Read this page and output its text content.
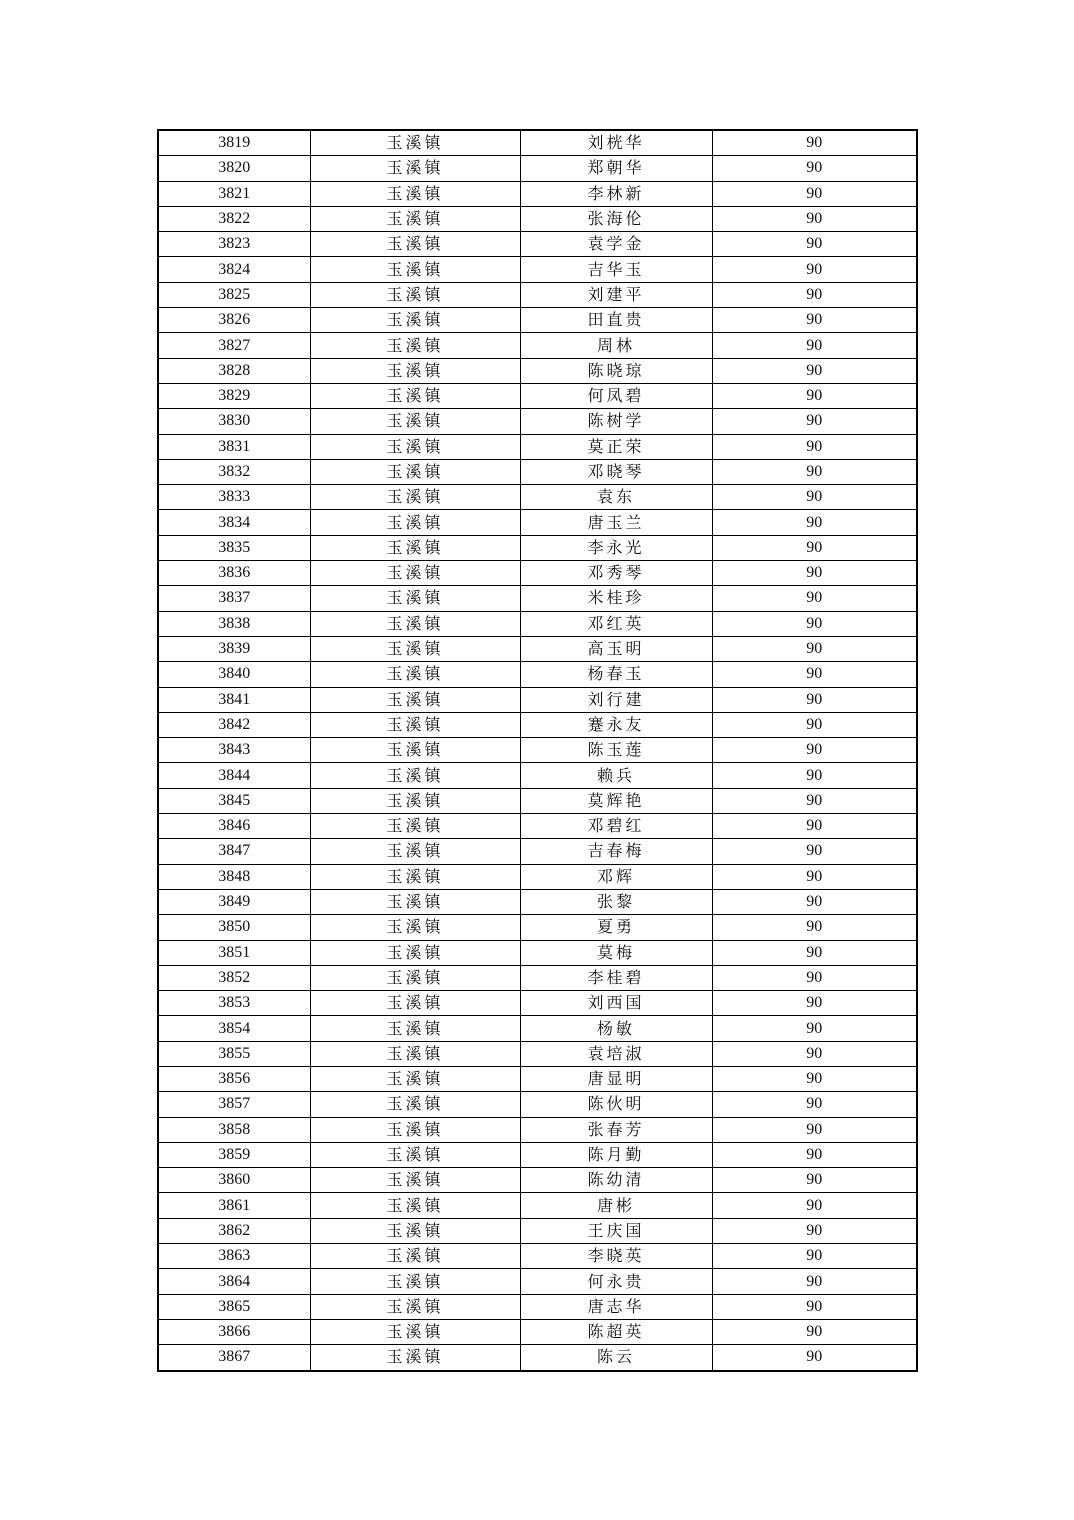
3819	玉溪镇	刘桄华	90
3820	玉溪镇	郑朝华	90
3821	玉溪镇	李林新	90
3822	玉溪镇	张海伦	90
3823	玉溪镇	袁学金	90
3824	玉溪镇	吉华玉	90
3825	玉溪镇	刘建平	90
3826	玉溪镇	田直贵	90
3827	玉溪镇	周林	90
3828	玉溪镇	陈晓琼	90
3829	玉溪镇	何凤碧	90
3830	玉溪镇	陈树学	90
3831	玉溪镇	莫正荣	90
3832	玉溪镇	邓晓琴	90
3833	玉溪镇	袁东	90
3834	玉溪镇	唐玉兰	90
3835	玉溪镇	李永光	90
3836	玉溪镇	邓秀琴	90
3837	玉溪镇	米桂珍	90
3838	玉溪镇	邓红英	90
3839	玉溪镇	高玉明	90
3840	玉溪镇	杨春玉	90
3841	玉溪镇	刘行建	90
3842	玉溪镇	蹇永友	90
3843	玉溪镇	陈玉莲	90
3844	玉溪镇	赖兵	90
3845	玉溪镇	莫辉艳	90
3846	玉溪镇	邓碧红	90
3847	玉溪镇	吉春梅	90
3848	玉溪镇	邓辉	90
3849	玉溪镇	张黎	90
3850	玉溪镇	夏勇	90
3851	玉溪镇	莫梅	90
3852	玉溪镇	李桂碧	90
3853	玉溪镇	刘西国	90
3854	玉溪镇	杨敏	90
3855	玉溪镇	袁培淑	90
3856	玉溪镇	唐显明	90
3857	玉溪镇	陈伙明	90
3858	玉溪镇	张春芳	90
3859	玉溪镇	陈月勤	90
3860	玉溪镇	陈幼清	90
3861	玉溪镇	唐彬	90
3862	玉溪镇	王庆国	90
3863	玉溪镇	李晓英	90
3864	玉溪镇	何永贵	90
3865	玉溪镇	唐志华	90
3866	玉溪镇	陈超英	90
3867	玉溪镇	陈云	90
